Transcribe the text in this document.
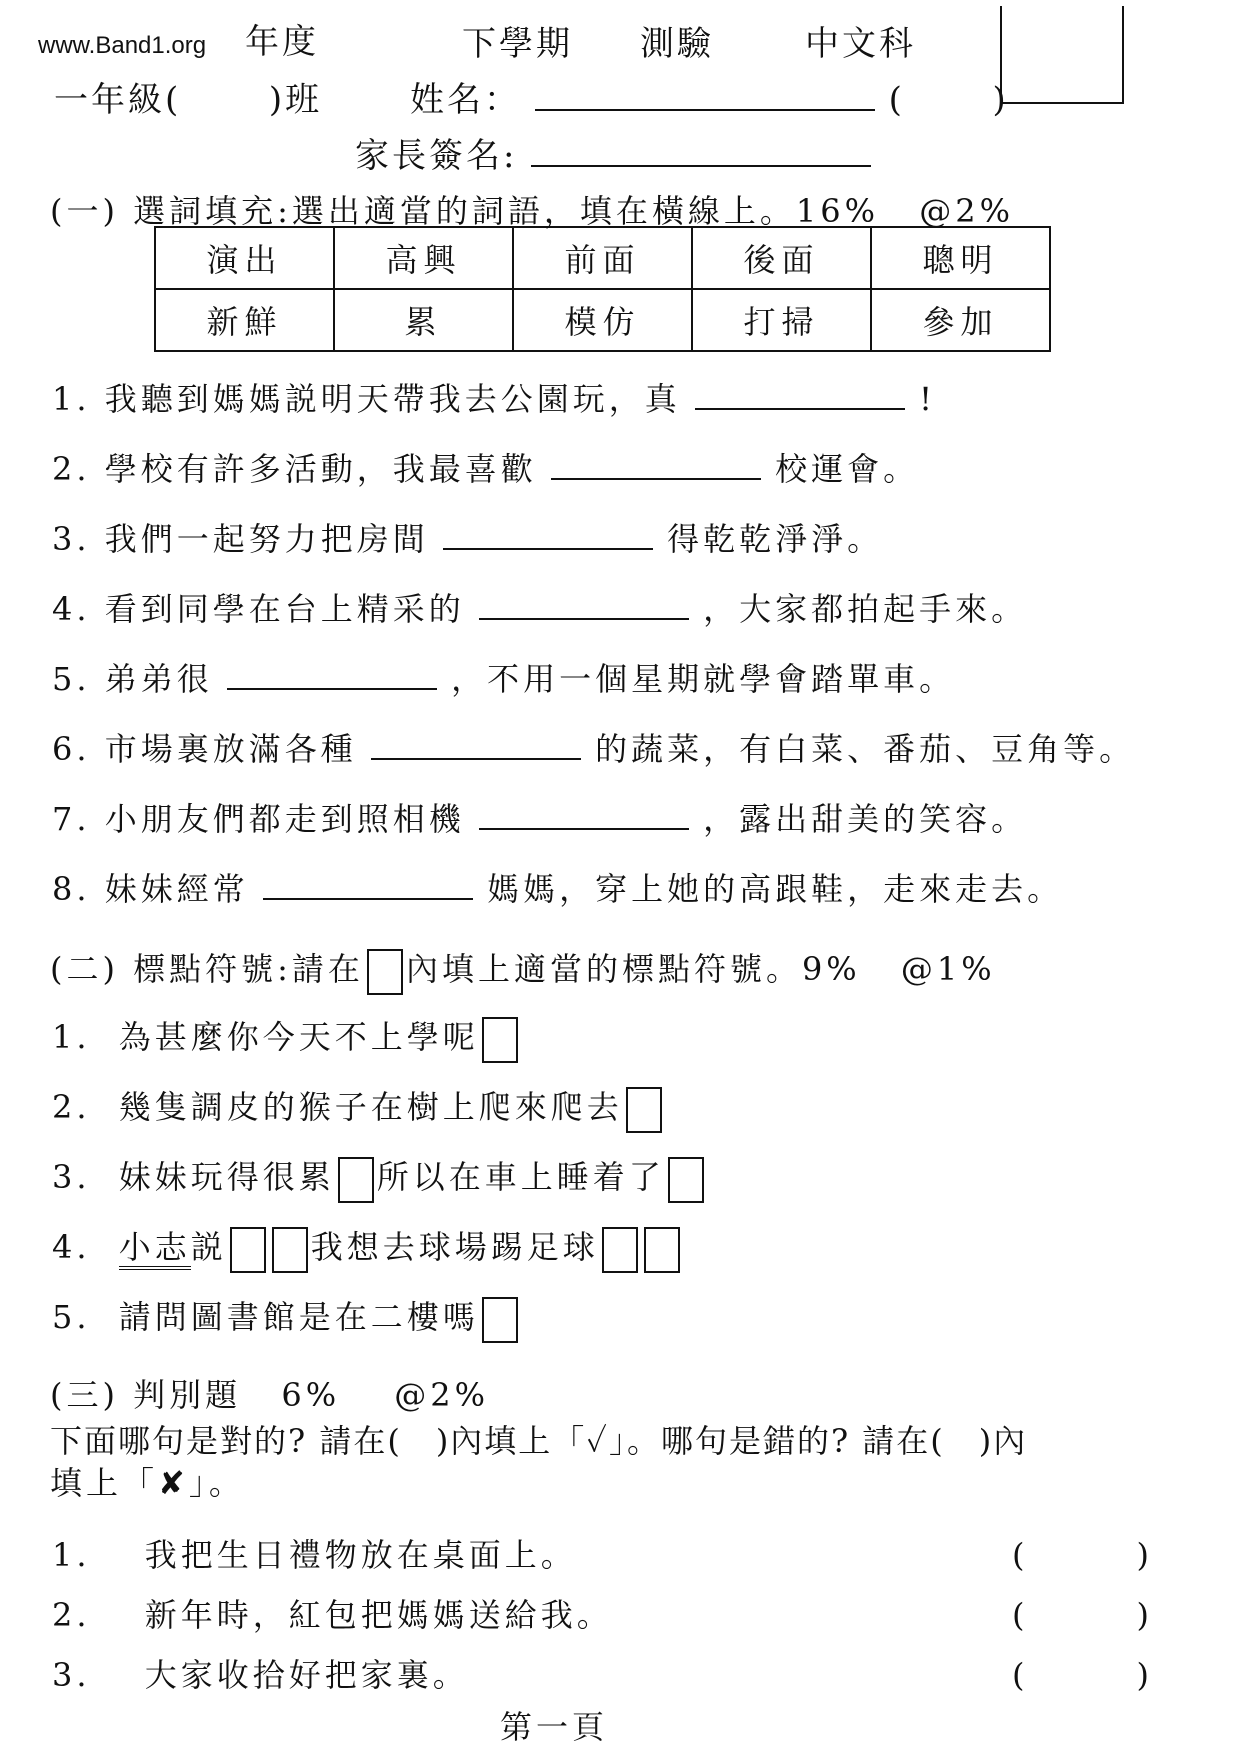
www.Band1.org 年度	下學期 測驗	中文科
一年級(	)班	姓名：	(	)
家長簽名:
(一) 選詞填充:選出適當的詞語，填在橫線上。16% @2%
演出	高興	前面	後面	聰明
新鮮	累	模仿	打掃	參加
1. 我聽到媽媽説明天帶我去公園玩，真	!
2. 學校有許多活動，我最喜歡	校運會。
3. 我們一起努力把房間	得乾乾淨淨。
4. 看到同學在台上精采的	，大家都拍起手來。
5. 弟弟很	，不用一個星期就學會踏單車。
6. 市場裏放滿各種	的蔬菜，有白菜、番茄、豆角等。
7. 小朋友們都走到照相機	，露出甜美的笑容。
8. 妹妹經常	媽媽，穿上她的高跟鞋，走來走去。
(二) 標點符號:請在 內填上適當的標點符號。9% @1%
1. 為甚麼你今天不上學呢
2. 幾隻調皮的猴子在樹上爬來爬去
3. 妹妹玩得很累 所以在車上睡着了
4. 小志説	我想去球場踢足球
5. 請問圖書館是在二樓嗎
(三) 判別題 6% @2%
下面哪句是對的? 請在(　)內填上「✓」。哪句是錯的? 請在(　)內
填上「✘」。
1. 我把生日禮物放在桌面上。	(　　　)
2. 新年時，紅包把媽媽送給我。	(　　　)
3. 大家收拾好把家裏。	(　　　)
第一頁
